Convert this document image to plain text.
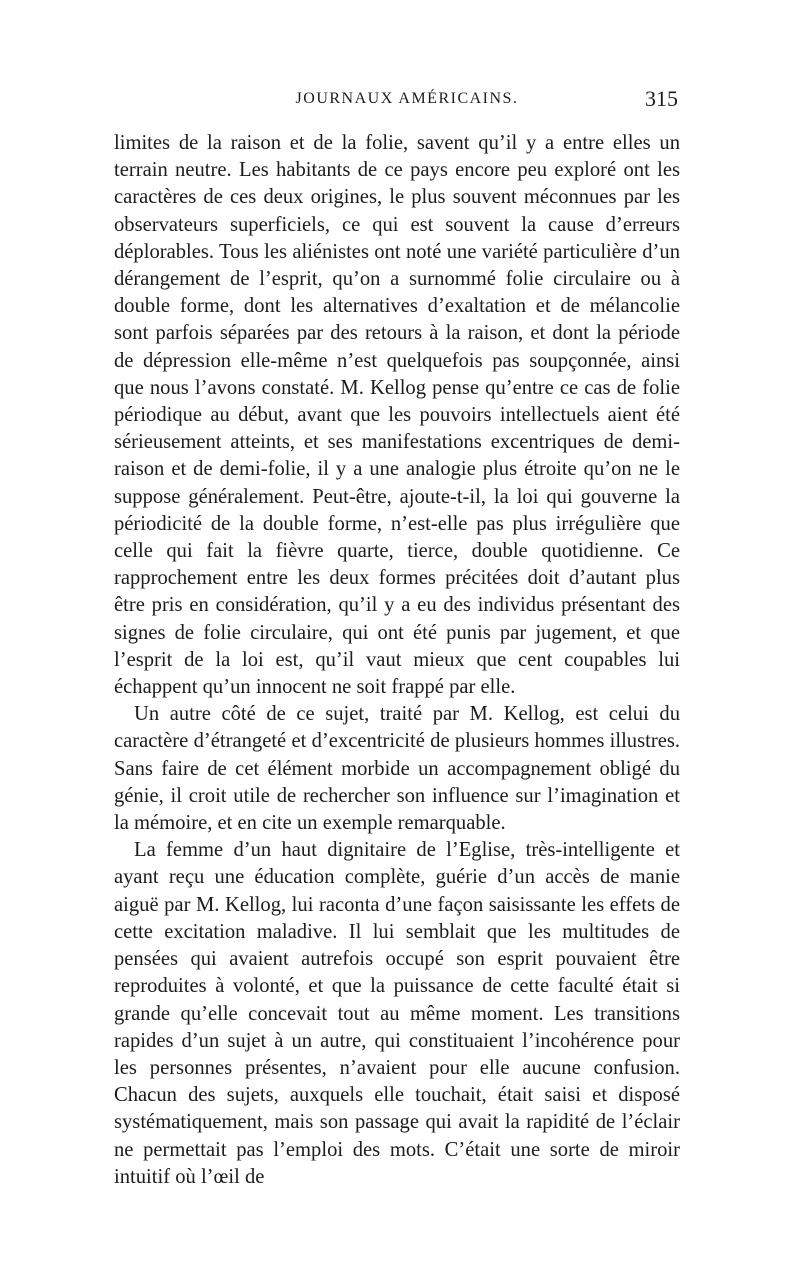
JOURNAUX AMÉRICAINS.	315

limites de la raison et de la folie, savent qu’il y a entre elles un terrain neutre. Les habitants de ce pays encore peu exploré ont les caractères de ces deux origines, le plus souvent méconnues par les observateurs superficiels, ce qui est souvent la cause d’erreurs déplorables. Tous les aliénistes ont noté une variété particulière d’un dérangement de l’esprit, qu’on a surnommé folie circulaire ou à double forme, dont les alternatives d’exaltation et de mélancolie sont parfois séparées par des retours à la raison, et dont la période de dépression elle-même n’est quelquefois pas soupçonnée, ainsi que nous l’avons constaté. M. Kellog pense qu’entre ce cas de folie périodique au début, avant que les pouvoirs intellectuels aient été sérieusement atteints, et ses manifestations excentriques de demi-raison et de demi-folie, il y a une analogie plus étroite qu’on ne le suppose généralement. Peut-être, ajoute-t-il, la loi qui gouverne la périodicité de la double forme, n’est-elle pas plus irrégulière que celle qui fait la fièvre quarte, tierce, double quotidienne. Ce rapprochement entre les deux formes précitées doit d’autant plus être pris en considération, qu’il y a eu des individus présentant des signes de folie circulaire, qui ont été punis par jugement, et que l’esprit de la loi est, qu’il vaut mieux que cent coupables lui échappent qu’un innocent ne soit frappé par elle.

Un autre côté de ce sujet, traité par M. Kellog, est celui du caractère d’étrangeté et d’excentricité de plusieurs hommes illustres. Sans faire de cet élément morbide un accompagnement obligé du génie, il croit utile de rechercher son influence sur l’imagination et la mémoire, et en cite un exemple remarquable.

La femme d’un haut dignitaire de l’Eglise, très-intelligente et ayant reçu une éducation complète, guérie d’un accès de manie aiguë par M. Kellog, lui raconta d’une façon saisissante les effets de cette excitation maladive. Il lui semblait que les multitudes de pensées qui avaient autrefois occupé son esprit pouvaient être reproduites à volonté, et que la puissance de cette faculté était si grande qu’elle concevait tout au même moment. Les transitions rapides d’un sujet à un autre, qui constituaient l’incohérence pour les personnes présentes, n’avaient pour elle aucune confusion. Chacun des sujets, auxquels elle touchait, était saisi et disposé systématiquement, mais son passage qui avait la rapidité de l’éclair ne permettait pas l’emploi des mots. C’était une sorte de miroir intuitif où l’œil de
